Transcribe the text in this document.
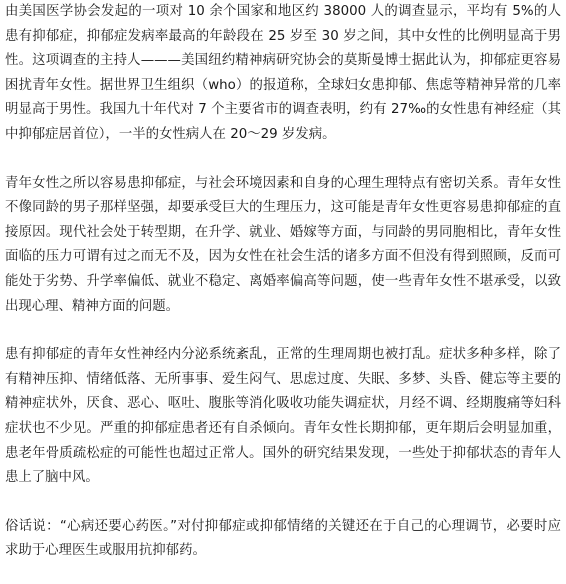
由美国医学协会发起的一项对 10 余个国家和地区约 38000 人的调查显示，平均有 5%的人患有抑郁症，抑郁症发病率最高的年龄段在 25 岁至 30 岁之间，其中女性的比例明显高于男性。这项调查的主持人———美国纽约精神病研究协会的莫斯曼博士据此认为，抑郁症更容易困扰青年女性。据世界卫生组织（who）的报道称，全球妇女患抑郁、焦虑等精神异常的几率明显高于男性。我国九十年代对 7 个主要省市的调查表明，约有 27‰的女性患有神经症（其中抑郁症居首位），一半的女性病人在 20～29 岁发病。

青年女性之所以容易患抑郁症，与社会环境因素和自身的心理生理特点有密切关系。青年女性不像同龄的男子那样坚强，却要承受巨大的生理压力，这可能是青年女性更容易患抑郁症的直接原因。现代社会处于转型期，在升学、就业、婚嫁等方面，与同龄的男同胞相比，青年女性面临的压力可谓有过之而无不及，因为女性在社会生活的诸多方面不但没有得到照顾，反而可能处于劣势、升学率偏低、就业不稳定、离婚率偏高等问题，使一些青年女性不堪承受，以致出现心理、精神方面的问题。

患有抑郁症的青年女性神经内分泌系统紊乱，正常的生理周期也被打乱。症状多种多样，除了有精神压抑、情绪低落、无所事事、爱生闷气、思虑过度、失眠、多梦、头昏、健忘等主要的精神症状外，厌食、恶心、呕吐、腹胀等消化吸收功能失调症状，月经不调、经期腹痛等妇科症状也不少见。严重的抑郁症患者还有自杀倾向。青年女性长期抑郁，更年期后会明显加重，患老年骨质疏松症的可能性也超过正常人。国外的研究结果发现，一些处于抑郁状态的青年人患上了脑中风。

俗话说：“心病还要心药医。”对付抑郁症或抑郁情绪的关键还在于自己的心理调节，必要时应求助于心理医生或服用抗抑郁药。
